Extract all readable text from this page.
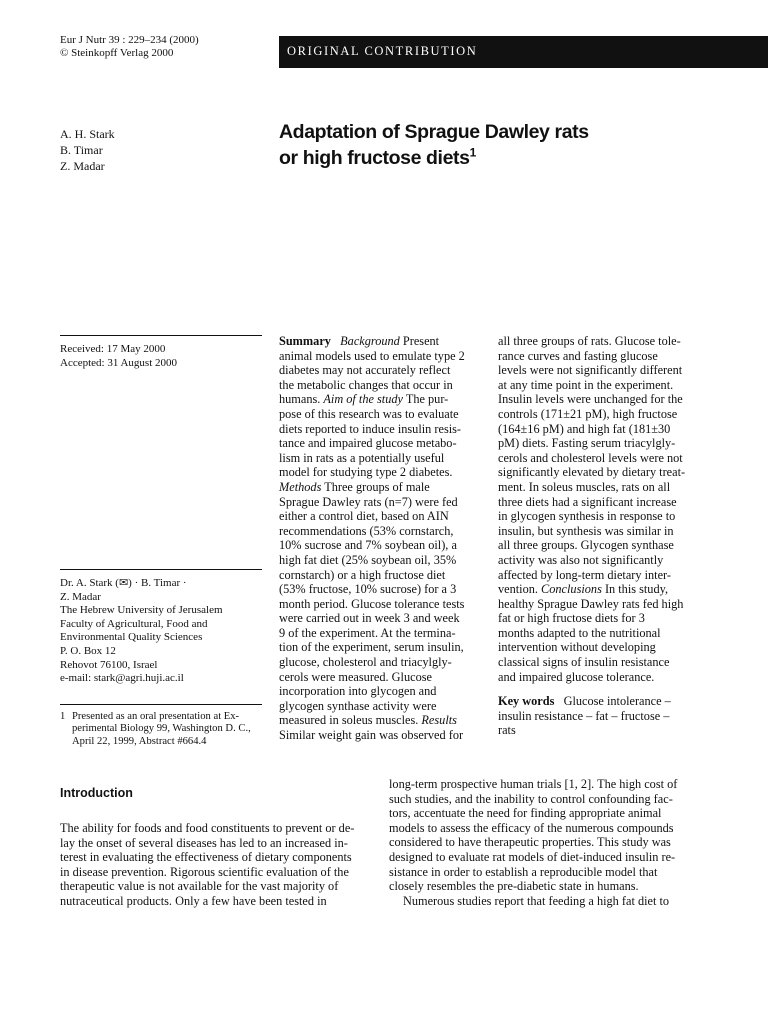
Eur J Nutr 39 : 229–234 (2000)
© Steinkopff Verlag 2000	ORIGINAL CONTRIBUTION
A. H. Stark
B. Timar
Z. Madar
Adaptation of Sprague Dawley rats
or high fructose diets$^1$
Received: 17 May 2000
Accepted: 31 August 2000
Dr. A. Stark (✉) · B. Timar ·
Z. Madar
The Hebrew University of Jerusalem
Faculty of Agricultural, Food and
Environmental Quality Sciences
P. O. Box 12
Rehovot 76100, Israel
e-mail: stark@agri.huji.ac.il
1 Presented as an oral presentation at Ex-
perimental Biology 99, Washington D. C.,
April 22, 1999, Abstract #664.4
Summary Background Present
animal models used to emulate type 2
diabetes may not accurately reflect
the metabolic changes that occur in
humans. Aim of the study The pur-
pose of this research was to evaluate
diets reported to induce insulin resis-
tance and impaired glucose metabo-
lism in rats as a potentially useful
model for studying type 2 diabetes.
Methods Three groups of male
Sprague Dawley rats (n=7) were fed
either a control diet, based on AIN
recommendations (53% cornstarch,
10% sucrose and 7% soybean oil), a
high fat diet (25% soybean oil, 35%
cornstarch) or a high fructose diet
(53% fructose, 10% sucrose) for a 3
month period. Glucose tolerance tests
were carried out in week 3 and week
9 of the experiment. At the termina-
tion of the experiment, serum insulin,
glucose, cholesterol and triacylgly-
cerols were measured. Glucose
incorporation into glycogen and
glycogen synthase activity were
measured in soleus muscles. Results
Similar weight gain was observed for
all three groups of rats. Glucose tole-
rance curves and fasting glucose
levels were not significantly different
at any time point in the experiment.
Insulin levels were unchanged for the
controls (171±21 pM), high fructose
(164±16 pM) and high fat (181±30
pM) diets. Fasting serum triacylgly-
cerols and cholesterol levels were not
significantly elevated by dietary treat-
ment. In soleus muscles, rats on all
three diets had a significant increase
in glycogen synthesis in response to
insulin, but synthesis was similar in
all three groups. Glycogen synthase
activity was also not significantly
affected by long-term dietary inter-
vention. Conclusions In this study,
healthy Sprague Dawley rats fed high
fat or high fructose diets for 3
months adapted to the nutritional
intervention without developing
classical signs of insulin resistance
and impaired glucose tolerance.
Key words Glucose intolerance –
insulin resistance – fat – fructose –
rats
Introduction
The ability for foods and food constituents to prevent or de-
lay the onset of several diseases has led to an increased in-
terest in evaluating the effectiveness of dietary components
in disease prevention. Rigorous scientific evaluation of the
therapeutic value is not available for the vast majority of
nutraceutical products. Only a few have been tested in
long-term prospective human trials [1, 2]. The high cost of
such studies, and the inability to control confounding fac-
tors, accentuate the need for finding appropriate animal
models to assess the efficacy of the numerous compounds
considered to have therapeutic properties. This study was
designed to evaluate rat models of diet-induced insulin re-
sistance in order to establish a reproducible model that
closely resembles the pre-diabetic state in humans.
Numerous studies report that feeding a high fat diet to
